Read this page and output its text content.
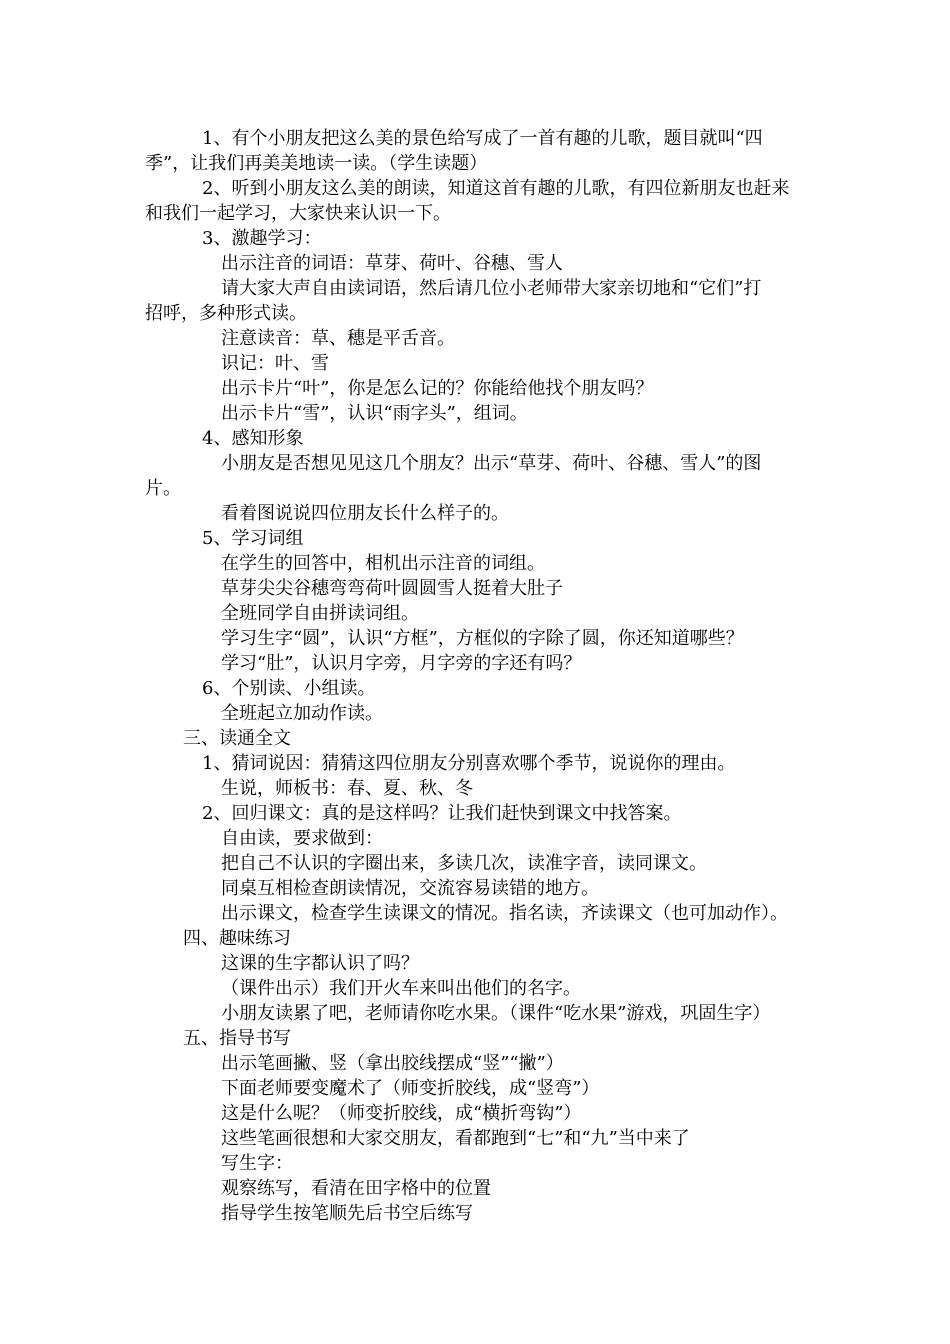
1、有个小朋友把这么美的景色给写成了一首有趣的儿歌，题目就叫“四
季”，让我们再美美地读一读。（学生读题）
2、听到小朋友这么美的朗读，知道这首有趣的儿歌，有四位新朋友也赶来
和我们一起学习，大家快来认识一下。
3、激趣学习：
出示注音的词语：草芽、荷叶、谷穗、雪人
请大家大声自由读词语，然后请几位小老师带大家亲切地和“它们”打
招呼，多种形式读。
注意读音：草、穗是平舌音。
识记：叶、雪
出示卡片“叶”，你是怎么记的？你能给他找个朋友吗？
出示卡片“雪”，认识“雨字头”，组词。
4、感知形象
小朋友是否想见见这几个朋友？出示“草芽、荷叶、谷穗、雪人”的图
片。
看着图说说四位朋友长什么样子的。
5、学习词组
在学生的回答中，相机出示注音的词组。
草芽尖尖谷穗弯弯荷叶圆圆雪人挺着大肚子
全班同学自由拼读词组。
学习生字“圆”，认识“方框”，方框似的字除了圆，你还知道哪些？
学习“肚”，认识月字旁，月字旁的字还有吗？
6、个别读、小组读。
全班起立加动作读。
三、读通全文
1、猜词说因：猜猜这四位朋友分别喜欢哪个季节，说说你的理由。
生说，师板书：春、夏、秋、冬
2、回归课文：真的是这样吗？让我们赶快到课文中找答案。
自由读，要求做到：
把自己不认识的字圈出来，多读几次，读准字音，读同课文。
同桌互相检查朗读情况，交流容易读错的地方。
出示课文，检查学生读课文的情况。指名读，齐读课文（也可加动作）。
四、趣味练习
这课的生字都认识了吗？
（课件出示）我们开火车来叫出他们的名字。
小朋友读累了吧，老师请你吃水果。（课件“吃水果”游戏，巩固生字）
五、指导书写
出示笔画撇、竖（拿出胶线摆成“竖”“撇”）
下面老师要变魔术了（师变折胶线，成“竖弯”）
这是什么呢？（师变折胶线，成“横折弯钩”）
这些笔画很想和大家交朋友，看都跑到“七”和“九”当中来了
写生字：
观察练写，看清在田字格中的位置
指导学生按笔顺先后书空后练写
